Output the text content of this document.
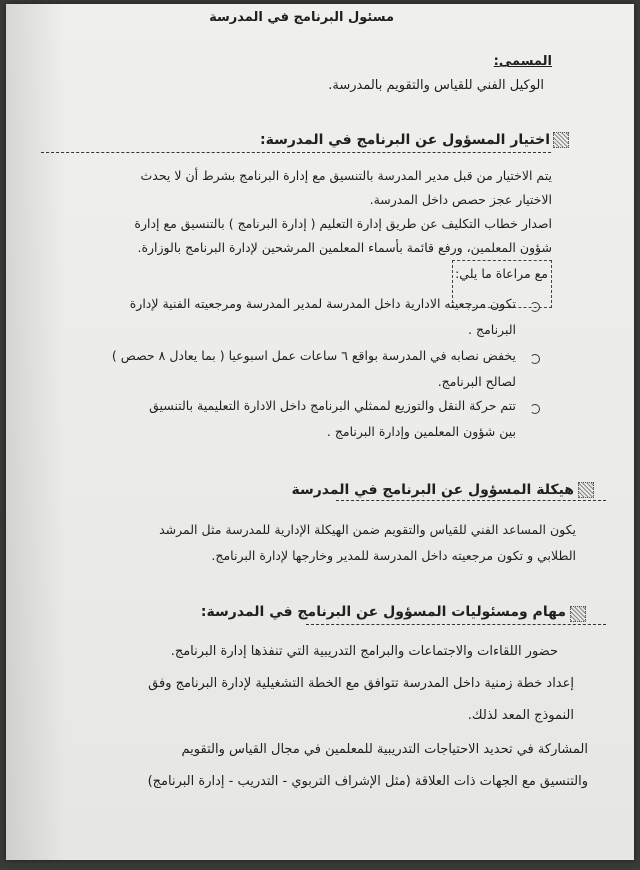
مسئول البرنامج في المدرسة
المسمى:
الوكيل الفني للقياس والتقويم بالمدرسة.
اختيار المسؤول عن البرنامج في المدرسة:
يتم الاختيار من قبل مدير المدرسة بالتنسيق مع إدارة البرنامج بشرط أن لا يحدث
الاختيار عجز حصص داخل المدرسة.
اصدار خطاب التكليف عن طريق إدارة التعليم ( إدارة البرنامج ) بالتنسيق مع إدارة
شؤون المعلمين، ورفع قائمة بأسماء المعلمين المرشحين لإدارة البرنامج بالوزارة.
مع مراعاة ما يلي:
تكون مرجعيته الادارية داخل المدرسة لمدير المدرسة ومرجعيته الفنية لإدارة
البرنامج .
يخفض نصابه في المدرسة بواقع ٦ ساعات عمل اسبوعيا ( بما يعادل ٨ حصص )
لصالح البرنامج.
تتم حركة النقل والتوزيع لممثلي البرنامج داخل الادارة التعليمية بالتنسيق
بين شؤون المعلمين وإدارة البرنامج .
هيكلة المسؤول عن البرنامج في المدرسة
يكون المساعد الفني للقياس والتقويم ضمن الهيكلة الإدارية للمدرسة مثل المرشد
الطلابي و تكون مرجعيته داخل المدرسة للمدير وخارجها لإدارة البرنامج.
مهام ومسئوليات المسؤول عن البرنامج في المدرسة:
حضور اللقاءات والاجتماعات والبرامج التدريبية التي تنفذها إدارة البرنامج.
إعداد خطة زمنية داخل المدرسة تتوافق مع الخطة التشغيلية لإدارة البرنامج وفق
النموذج المعد لذلك.
المشاركة في تحديد الاحتياجات التدريبية للمعلمين في مجال القياس والتقويم
والتنسيق مع الجهات ذات العلاقة (مثل الإشراف التربوي - التدريب - إدارة البرنامج)
